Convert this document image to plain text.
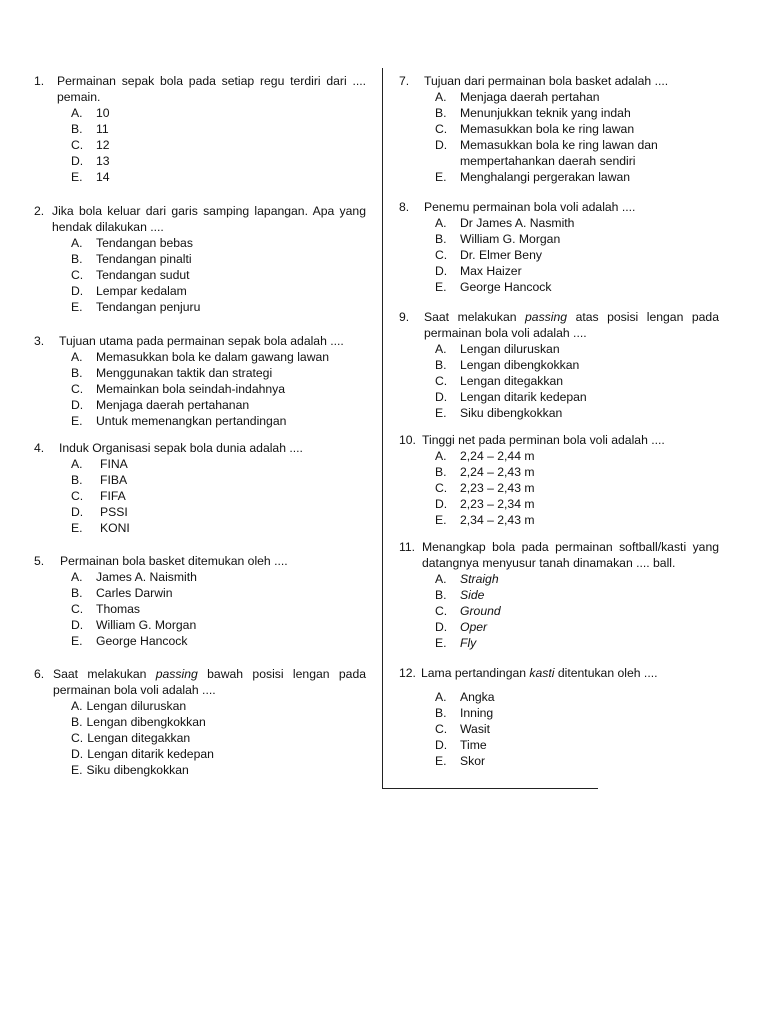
1.	Permainan sepak bola pada setiap regu terdiri dari .... pemain.
A.	10
B.	11
C.	12
D.	13
E.	14
2. Jika bola keluar dari garis samping lapangan. Apa yang hendak dilakukan ....
A.	Tendangan bebas
B.	Tendangan pinalti
C.	Tendangan sudut
D.	Lempar kedalam
E.	Tendangan penjuru
3.	Tujuan utama pada permainan sepak bola adalah ....
A.	Memasukkan bola ke dalam gawang lawan
B.	Menggunakan taktik dan strategi
C.	Memainkan bola seindah-indahnya
D.	Menjaga daerah pertahanan
E.	Untuk memenangkan pertandingan
4.	Induk Organisasi sepak bola dunia adalah ....
A.	FINA
B.	FIBA
C.	FIFA
D.	PSSI
E.	KONI
5.	Permainan bola basket ditemukan oleh ....
A.	James A. Naismith
B.	Carles Darwin
C.	Thomas
D.	William G. Morgan
E.	George Hancock
6. Saat melakukan passing bawah posisi lengan pada permainan bola voli adalah ....
A. Lengan diluruskan
B. Lengan dibengkokkan
C. Lengan ditegakkan
D. Lengan ditarik kedepan
E. Siku dibengkokkan
7.	Tujuan dari permainan bola basket adalah ....
A.	Menjaga daerah pertahan
B.	Menunjukkan teknik yang indah
C.	Memasukkan bola ke ring lawan
D.	Memasukkan bola ke ring lawan dan mempertahankan daerah sendiri
E.	Menghalangi pergerakan lawan
8.	Penemu permainan bola voli adalah ....
A.	Dr James A. Nasmith
B.	William G. Morgan
C.	Dr. Elmer Beny
D.	Max Haizer
E.	George Hancock
9.	Saat melakukan passing atas posisi lengan pada permainan bola voli adalah ....
A.	Lengan diluruskan
B.	Lengan dibengkokkan
C.	Lengan ditegakkan
D.	Lengan ditarik kedepan
E.	Siku dibengkokkan
10. Tinggi net pada perminan bola voli adalah ....
A.	2,24 – 2,44 m
B.	2,24 – 2,43 m
C.	2,23 – 2,43 m
D.	2,23 – 2,34 m
E.	2,34 – 2,43 m
11. Menangkap bola pada permainan softball/kasti yang datangnya menyusur tanah dinamakan .... ball.
A.	Straigh
B.	Side
C.	Ground
D.	Oper
E.	Fly
12. Lama pertandingan kasti ditentukan oleh ....
A.	Angka
B.	Inning
C.	Wasit
D.	Time
E.	Skor
